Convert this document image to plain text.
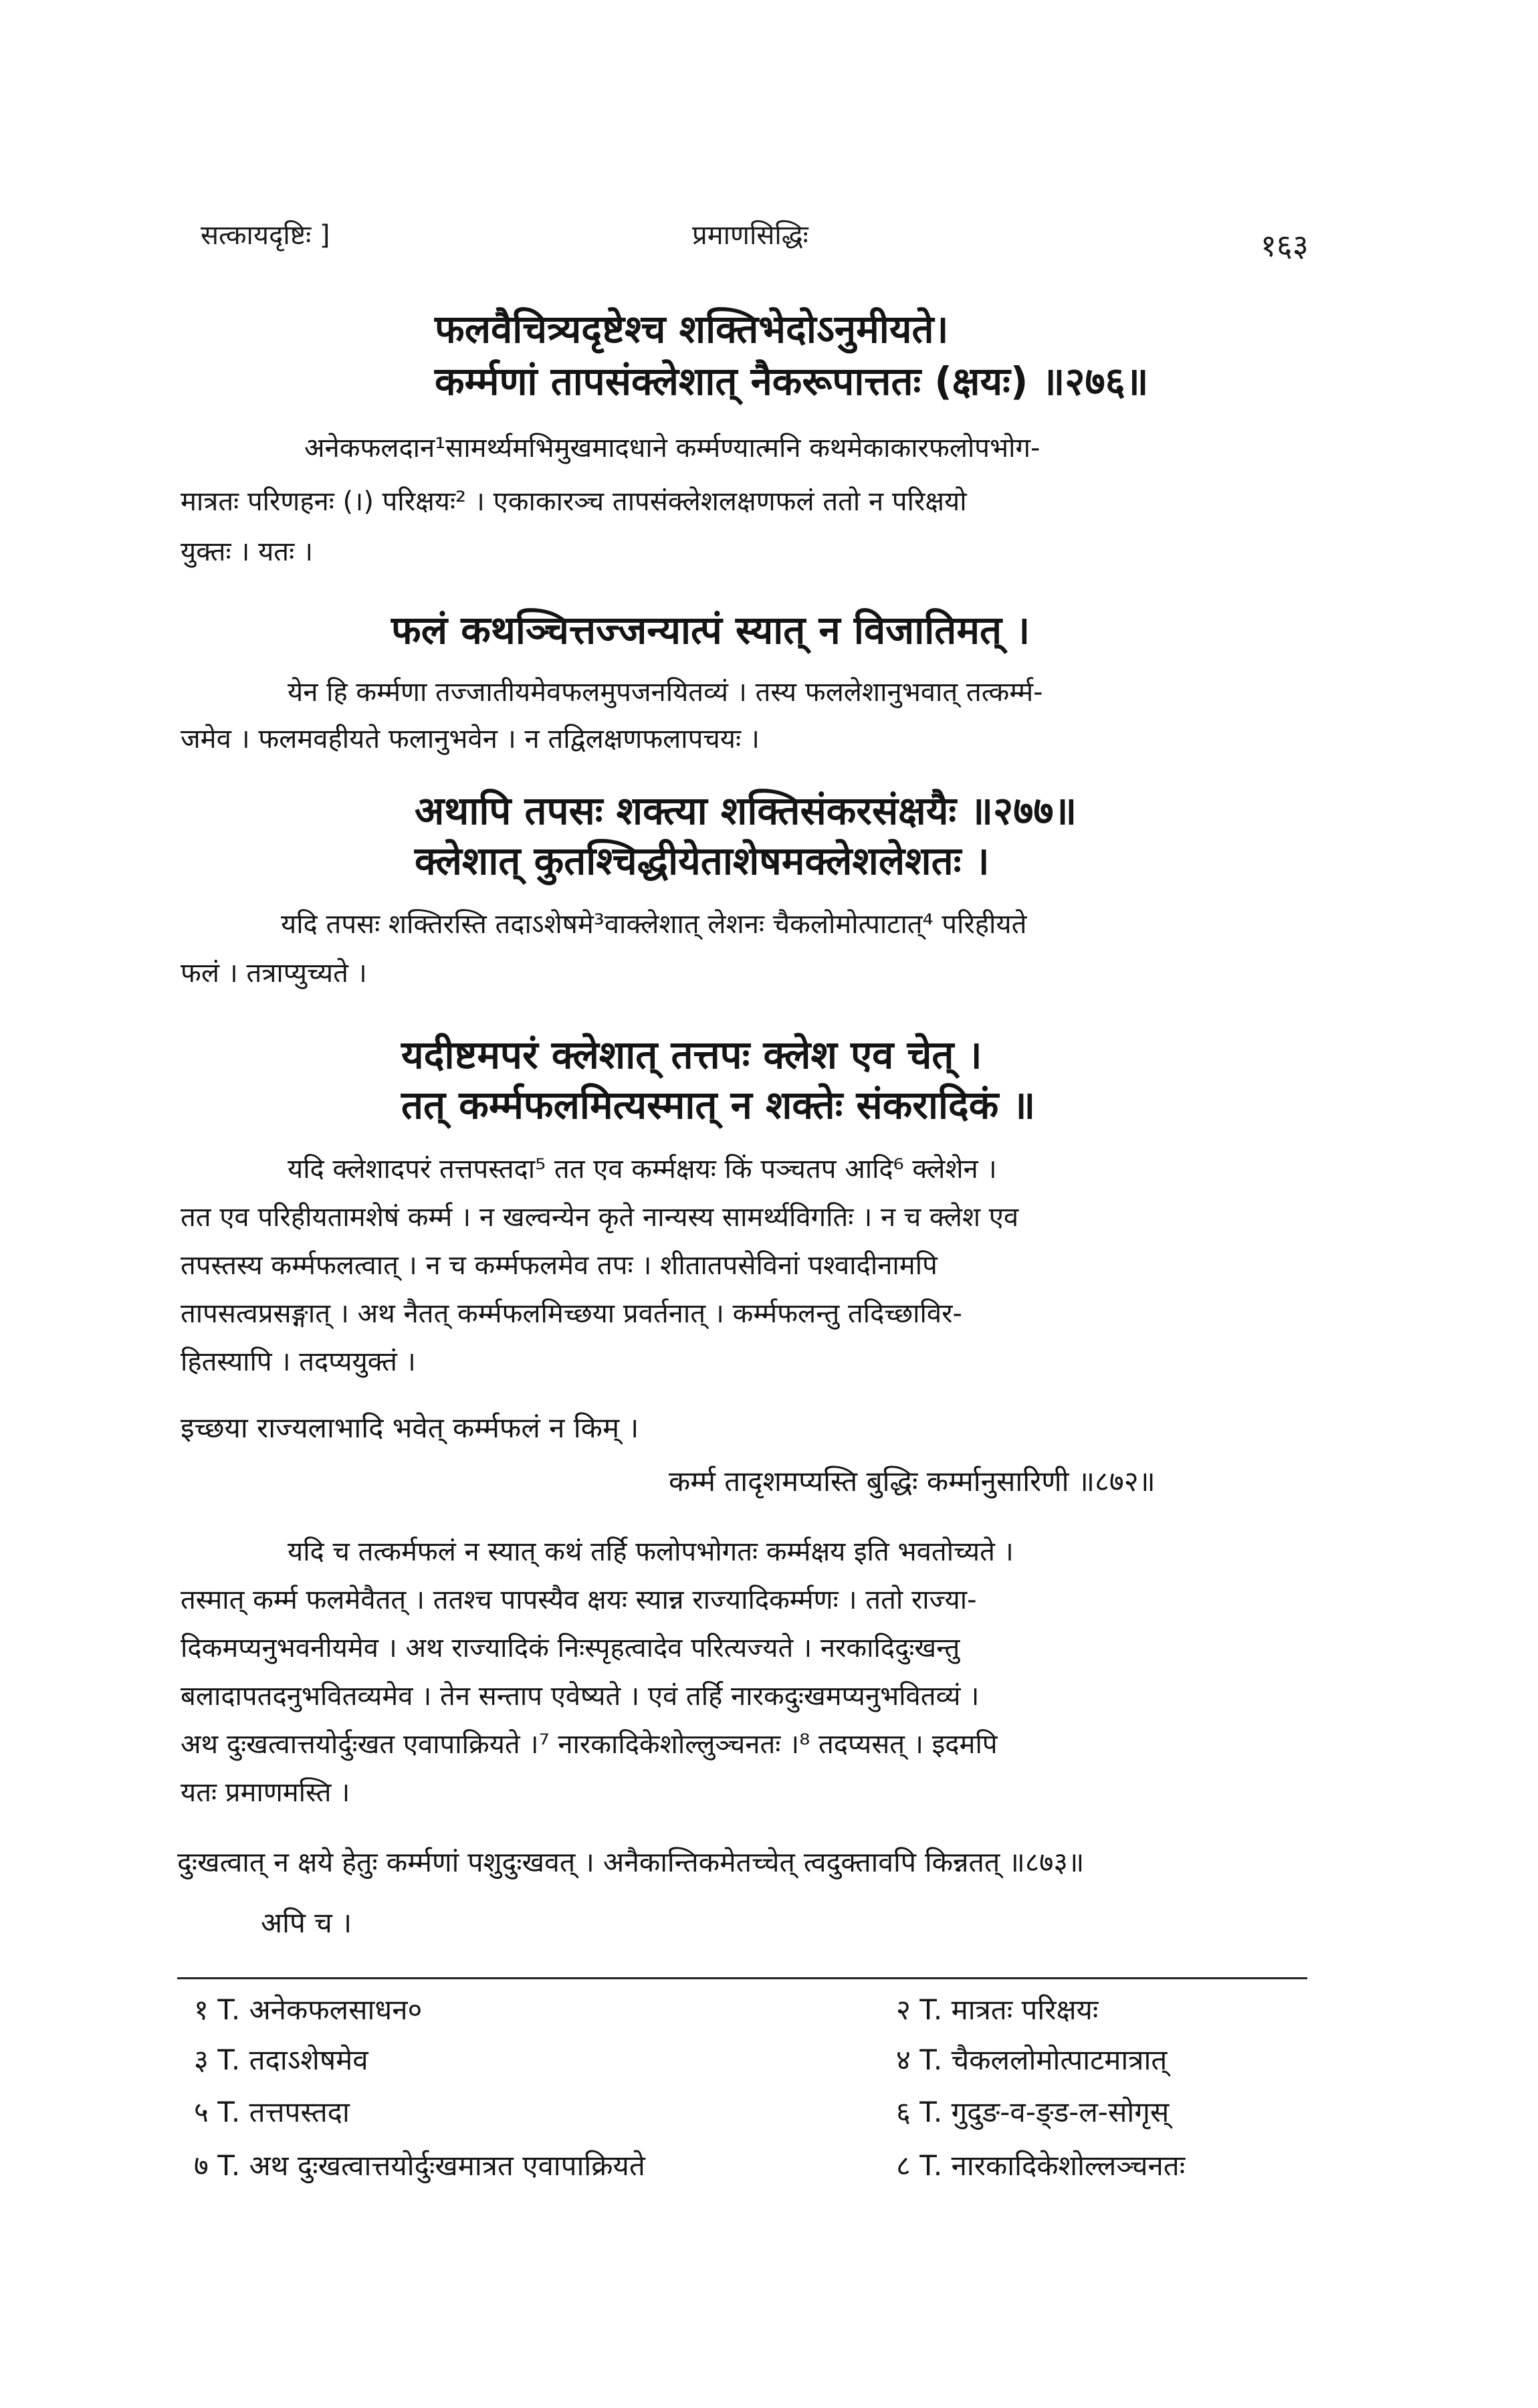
सत्कायदृष्टिः ]	प्रमाणसिद्धिः	१६३
फलवैचित्र्यदृष्टेश्च शक्तिभेदोऽनुमीयते।
कर्म्मणां तापसंक्लेशात् नैकरूपात्ततः (क्षयः) ॥२७६॥
अनेकफलदान¹सामर्थ्यमभिमुखमादधाने कर्म्मण्यात्मनि कथमेकाकारफलोपभोग-
मात्रतः परिणहनः (।) परिक्षयः² । एकाकारञ्च तापसंक्लेशलक्षणफलं ततो न परिक्षयो
युक्तः । यतः ।
फलं कथञ्चित्तज्जन्यात्पं स्यात् न विजातिमत् ।
येन हि कर्म्मणा तज्जातीयमेवफलमुपजनयितव्यं । तस्य फललेशानुभवात् तत्कर्म्म-
जमेव । फलमवहीयते फलानुभवेन । न तद्विलक्षणफलापचयः ।
अथापि तपसः शक्त्या शक्तिसंकरसंक्षयैः ॥२७७॥
क्लेशात् कुतश्चिद्धीयेताशेषमक्लेशलेशतः ।
यदि तपसः शक्तिरस्ति तदाऽशेषमे³वाक्लेशात् लेशनः चैकलोमोत्पाटात्⁴ परिहीयते
फलं । तत्राप्युच्यते ।
यदीष्टमपरं क्लेशात् तत्तपः क्लेश एव चेत् ।
तत् कर्म्मफलमित्यस्मात् न शक्तेः संकरादिकं ॥
यदि क्लेशादपरं तत्तपस्तदा⁵ तत एव कर्म्मक्षयः किं पञ्चतप आदि⁶ क्लेशेन ।
तत एव परिहीयतामशेषं कर्म्म । न खल्वन्येन कृते नान्यस्य सामर्थ्यविगतिः । न च क्लेश एव
तपस्तस्य कर्म्मफलत्वात् । न च कर्म्मफलमेव तपः । शीतातपसेविनां पश्वादीनामपि
तापसत्वप्रसङ्गात् । अथ नैतत् कर्म्मफलमिच्छया प्रवर्तनात् । कर्म्मफलन्तु तदिच्छाविर-
हितस्यापि । तदप्ययुक्तं ।
इच्छया राज्यलाभादि भवेत् कर्म्मफलं न किम् ।
कर्म्म तादृशमप्यस्ति बुद्धिः कर्म्मानुसारिणी ॥८७२॥
यदि च तत्कर्मफलं न स्यात् कथं तर्हि फलोपभोगतः कर्म्मक्षय इति भवतोच्यते ।
तस्मात् कर्म्म फलमेवैतत् । ततश्च पापस्यैव क्षयः स्यान्न राज्यादिकर्म्मणः । ततो राज्या-
दिकमप्यनुभवनीयमेव । अथ राज्यादिकं निःस्पृहत्वादेव परित्यज्यते । नरकादिदुःखन्तु
बलादापतदनुभवितव्यमेव । तेन सन्ताप एवेष्यते । एवं तर्हि नारकदुःखमप्यनुभवितव्यं ।
अथ दुःखत्वात्तयोर्दुःखत एवापाक्रियते ।⁷ नारकादिकेशोल्लुञ्चनतः ।⁸ तदप्यसत् । इदमपि
यतः प्रमाणमस्ति ।
दुःखत्वात् न क्षये हेतुः कर्म्मणां पशुदुःखवत् । अनैकान्तिकमेतच्चेत् त्वदुक्तावपि किन्नतत् ॥८७३॥
अपि च ।
१ T. अनेकफलसाधन०	२ T. मात्रतः परिक्षयः
३ T. तदाऽशेषमेव	४ T. चैकललोमोत्पाटमात्रात्
५ T. तत्तपस्तदा	६ T. गुदुङ-व-ङ्ड-ल-सोगृस्
७ T. अथ दुःखत्वात्तयोर्दुःखमात्रत एवापाक्रियते	८ T. नारकादिकेशोल्लञ्चनतः
